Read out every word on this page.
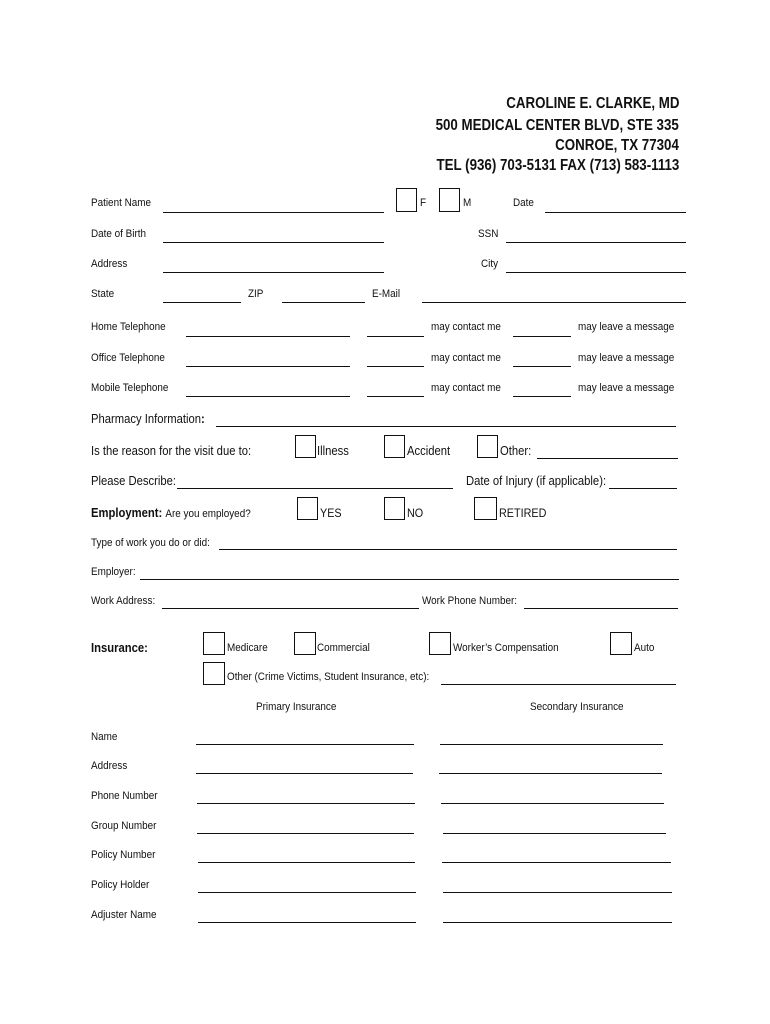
CAROLINE E. CLARKE, MD
500 MEDICAL CENTER BLVD, STE 335
CONROE, TX 77304
TEL (936) 703-5131 FAX (713) 583-1113
Patient Name	F	M	Date
Date of Birth	SSN
Address	City
State	ZIP	E-Mail
Home Telephone	may contact me	may leave a message
Office Telephone	may contact me	may leave a message
Mobile Telephone	may contact me	may leave a message
Pharmacy Information:
Is the reason for the visit due to:	Illness	Accident	Other:
Please Describe:	Date of Injury (if applicable):
Employment: Are you employed?	YES	NO	RETIRED
Type of work you do or did:
Employer:
Work Address:	Work Phone Number:
Insurance:	Medicare	Commercial	Worker’s Compensation	Auto
Other (Crime Victims, Student Insurance, etc):
Primary Insurance	Secondary Insurance
Name
Address
Phone Number
Group Number
Policy Number
Policy Holder
Adjuster Name
